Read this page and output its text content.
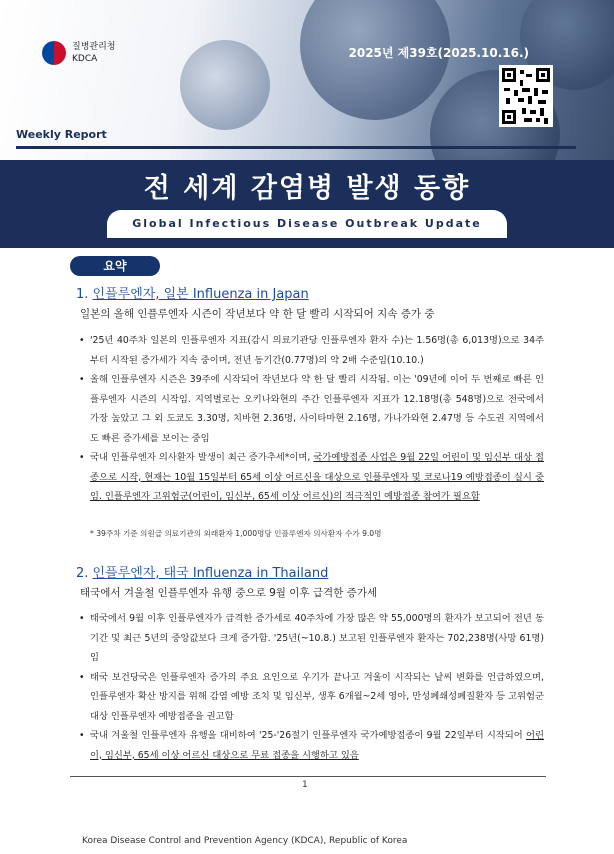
질병관리청
KDCA	2025년 제39호(2025.10.16.)
Weekly Report
전 세계 감염병 발생 동향
Global Infectious Disease Outbreak Update
요약
1. 인플루엔자, 일본 Influenza in Japan
일본의 올해 인플루엔자 시즌이 작년보다 약 한 달 빨리 시작되어 지속 증가 중
• '25년 40주차 일본의 인플루엔자 지표(감시 의료기관당 인플루엔자 환자 수)는 1.56명(총 6,013명)으로 34주부터 시작된 증가세가 지속 중이며, 전년 동기간(0.77명)의 약 2배 수준임(10.10.)
• 올해 인플루엔자 시즌은 39주에 시작되어 작년보다 약 한 달 빨리 시작됨. 이는 '09년에 이어 두 번째로 빠른 인플루엔자 시즌의 시작임. 지역별로는 오키나와현의 주간 인플루엔자 지표가 12.18명(총 548명)으로 전국에서 가장 높았고 그 외 도쿄도 3.30명, 치바현 2.36명, 사이타마현 2.16명, 가나가와현 2.47명 등 수도권 지역에서도 빠른 증가세를 보이는 중임
• 국내 인플루엔자 의사환자 발생이 최근 증가추세*이며, 국가예방접종 사업은 9월 22일 어린이 및 임신부 대상 접종으로 시작, 현재는 10월 15일부터 65세 이상 어르신을 대상으로 인플루엔자 및 코로나19 예방접종이 실시 중임. 인플루엔자 고위험군(어린이, 임신부, 65세 이상 어르신)의 적극적인 예방접종 참여가 필요함
* 39주차 기준 의원급 의료기관의 외래환자 1,000명당 인플루엔자 의사환자 수가 9.0명
2. 인플루엔자, 태국 Influenza in Thailand
태국에서 겨울철 인플루엔자 유행 중으로 9월 이후 급격한 증가세
• 태국에서 9월 이후 인플루엔자가 급격한 증가세로 40주차에 가장 많은 약 55,000명의 환자가 보고되어 전년 동기간 및 최근 5년의 중앙값보다 크게 증가함. '25년(~10.8.) 보고된 인플루엔자 환자는 702,238명(사망 61명)임
• 태국 보건당국은 인플루엔자 증가의 주요 요인으로 우기가 끝나고 겨울이 시작되는 날씨 변화를 언급하였으며, 인플루엔자 확산 방지를 위해 감염 예방 조치 및 임신부, 생후 6개월~2세 영아, 만성폐쇄성폐질환자 등 고위험군 대상 인플루엔자 예방접종을 권고함
• 국내 겨울철 인플루엔자 유행을 대비하여 '25-'26절기 인플루엔자 국가예방접종이 9월 22일부터 시작되어 어린이, 임신부, 65세 이상 어르신 대상으로 무료 접종을 시행하고 있음
1
Korea Disease Control and Prevention Agency (KDCA), Republic of Korea
